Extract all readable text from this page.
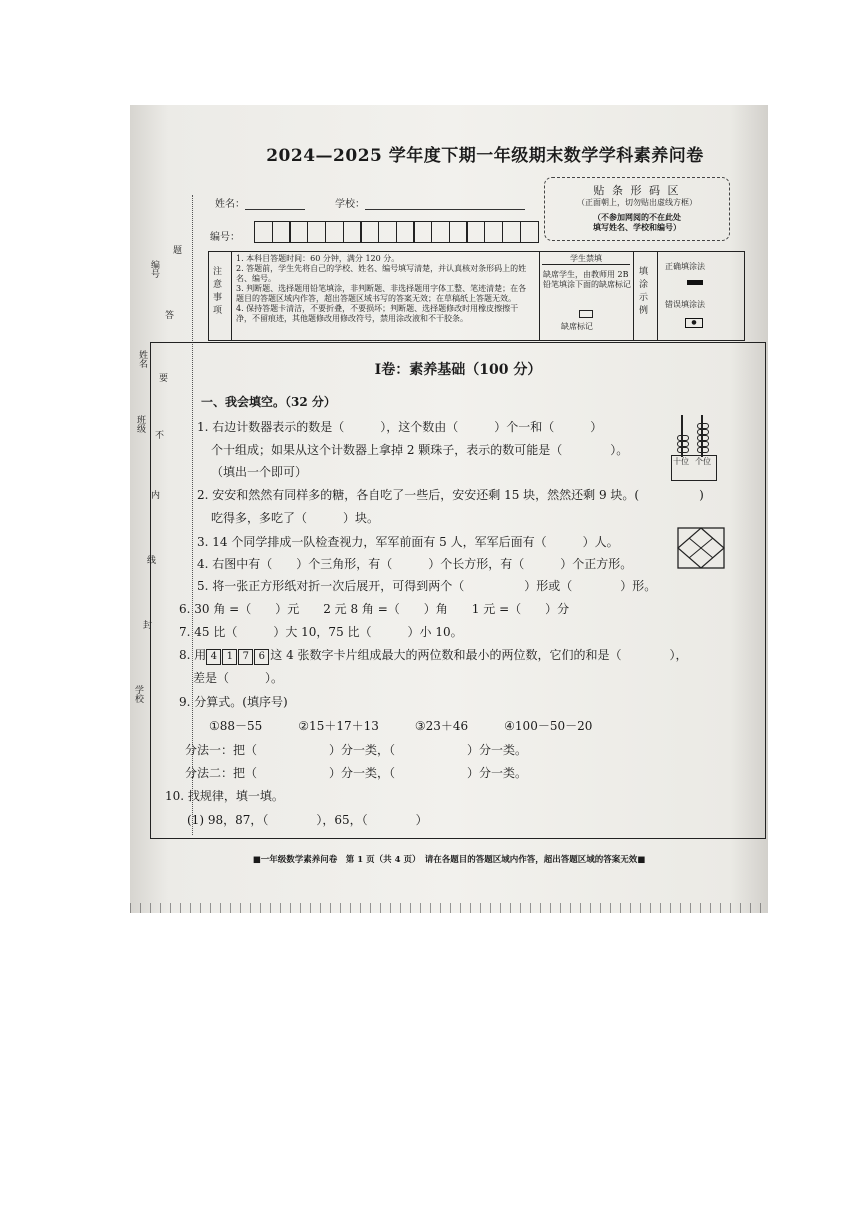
2024—2025 学年度下期一年级期末数学学科素养问卷
题
答
要
不
内
线
封
编号
姓名
班级
学校
姓名：	学校：
编号：
贴 条 形 码 区
（正面朝上，切勿贴出虚线方框）
（不参加网阅的不在此处
填写姓名、学校和编号）
注意事项
1. 本科目答题时间：60 分钟，满分 120 分。
2. 答题前，学生先将自己的学校、姓名、编号填写清楚，并认真核对条形码上的姓名、编号。
3. 判断题、选择题用铅笔填涂，非判断题、非选择题用字体工整、笔迹清楚；在各题目的答题区域内作答，超出答题区域书写的答案无效；在草稿纸上答题无效。
4. 保持答题卡清洁，不要折叠，不要损坏；判断题、选择题修改时用橡皮擦擦干净，不留痕迹，其他题修改用修改符号，禁用涂改液和不干胶条。
学生禁填
缺席学生，由教师用 2B 铅笔填涂下面的缺席标记
缺席标记
填涂示例
正确填涂法
错误填涂法
●
Ⅰ卷：素养基础（100 分）
一、我会填空。（32 分）
1. 右边计数器表示的数是（　　　），这个数由（　　　）个一和（　　　）
个十组成；如果从这个计数器上拿掉 2 颗珠子，表示的数可能是（　　　　）。
（填出一个即可）
十位 个位
2. 安安和然然有同样多的糖，各自吃了一些后，安安还剩 15 块，然然还剩 9 块。(　　　　　)
吃得多，多吃了（　　　）块。
3. 14 个同学排成一队检查视力，军军前面有 5 人，军军后面有（　　　）人。
4. 右图中有（　　）个三角形，有（　　　）个长方形，有（　　　）个正方形。
5. 将一张正方形纸对折一次后展开，可得到两个（　　　　　）形或（　　　　）形。
6. 30 角 =（　　）元　　2 元 8 角 =（　　）角　　1 元 =（　　）分
7. 45 比（　　　）大 10，75 比（　　　）小 10。
8. 用 4 1 7 6 这 4 张数字卡片组成最大的两位数和最小的两位数，它们的和是（　　　　），
差是（　　　）。
9. 分算式。(填序号)
①88－55　　　②15＋17＋13　　　③23＋46　　　④100－50－20
分法一：把（　　　　　　）分一类，（　　　　　　）分一类。
分法二：把（　　　　　　）分一类，（　　　　　　）分一类。
10. 找规律，填一填。
(1) 98，87，（　　　　），65，（　　　　）
■一年级数学素养问卷　第 1 页（共 4 页）　请在各题目的答题区域内作答，超出答题区域的答案无效■
